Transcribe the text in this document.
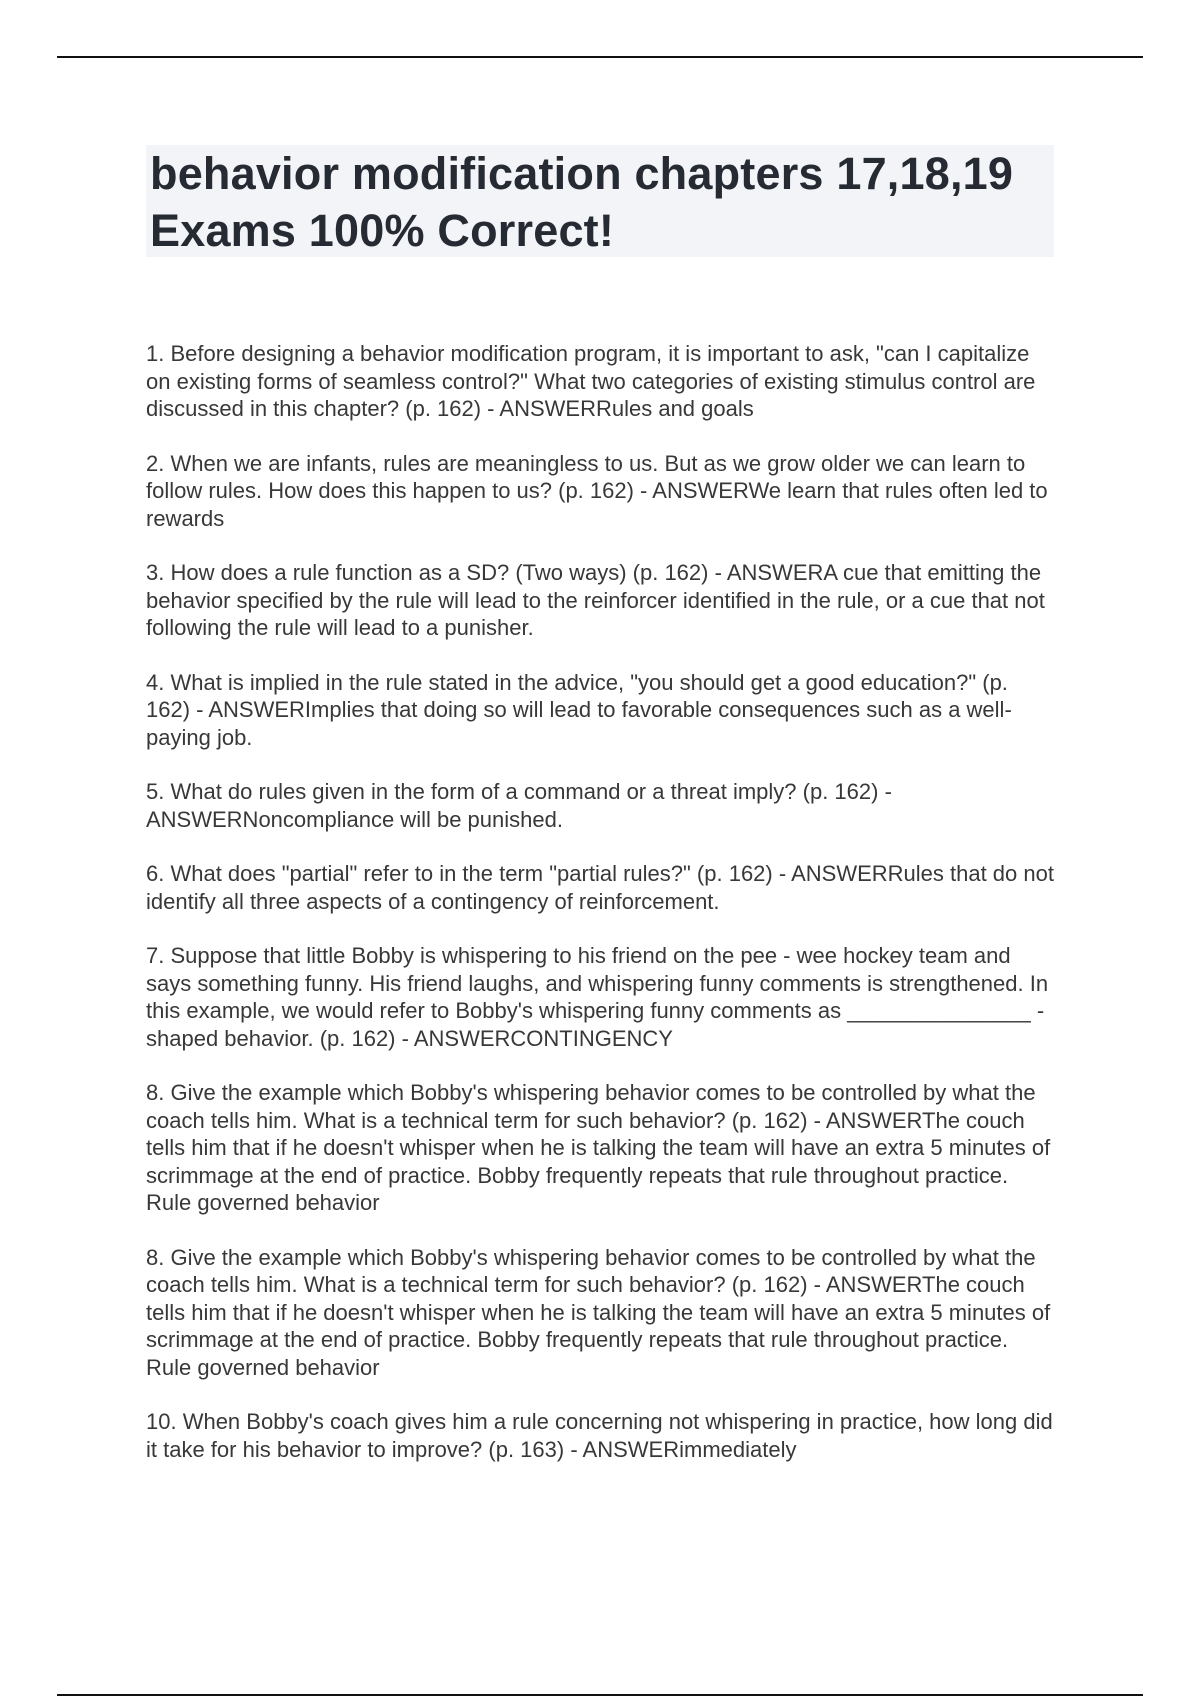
behavior modification chapters 17,18,19 Exams 100% Correct!

1. Before designing a behavior modification program, it is important to ask, "can I capitalize on existing forms of seamless control?" What two categories of existing stimulus control are discussed in this chapter? (p. 162) - ANSWERRules and goals

2. When we are infants, rules are meaningless to us. But as we grow older we can learn to follow rules. How does this happen to us? (p. 162) - ANSWERWe learn that rules often led to rewards

3. How does a rule function as a SD? (Two ways) (p. 162) - ANSWERA cue that emitting the behavior specified by the rule will lead to the reinforcer identified in the rule, or a cue that not following the rule will lead to a punisher.

4. What is implied in the rule stated in the advice, "you should get a good education?" (p. 162) - ANSWERImplies that doing so will lead to favorable consequences such as a well-paying job.

5. What do rules given in the form of a command or a threat imply? (p. 162) - ANSWERNoncompliance will be punished.

6. What does "partial" refer to in the term "partial rules?" (p. 162) - ANSWERRules that do not identify all three aspects of a contingency of reinforcement.

7. Suppose that little Bobby is whispering to his friend on the pee - wee hockey team and says something funny. His friend laughs, and whispering funny comments is strengthened. In this example, we would refer to Bobby's whispering funny comments as _______________ - shaped behavior. (p. 162) - ANSWERCONTINGENCY

8. Give the example which Bobby's whispering behavior comes to be controlled by what the coach tells him. What is a technical term for such behavior? (p. 162) - ANSWERThe couch tells him that if he doesn't whisper when he is talking the team will have an extra 5 minutes of scrimmage at the end of practice. Bobby frequently repeats that rule throughout practice. Rule governed behavior

8. Give the example which Bobby's whispering behavior comes to be controlled by what the coach tells him. What is a technical term for such behavior? (p. 162) - ANSWERThe couch tells him that if he doesn't whisper when he is talking the team will have an extra 5 minutes of scrimmage at the end of practice. Bobby frequently repeats that rule throughout practice. Rule governed behavior

10. When Bobby's coach gives him a rule concerning not whispering in practice, how long did it take for his behavior to improve? (p. 163) - ANSWERimmediately
